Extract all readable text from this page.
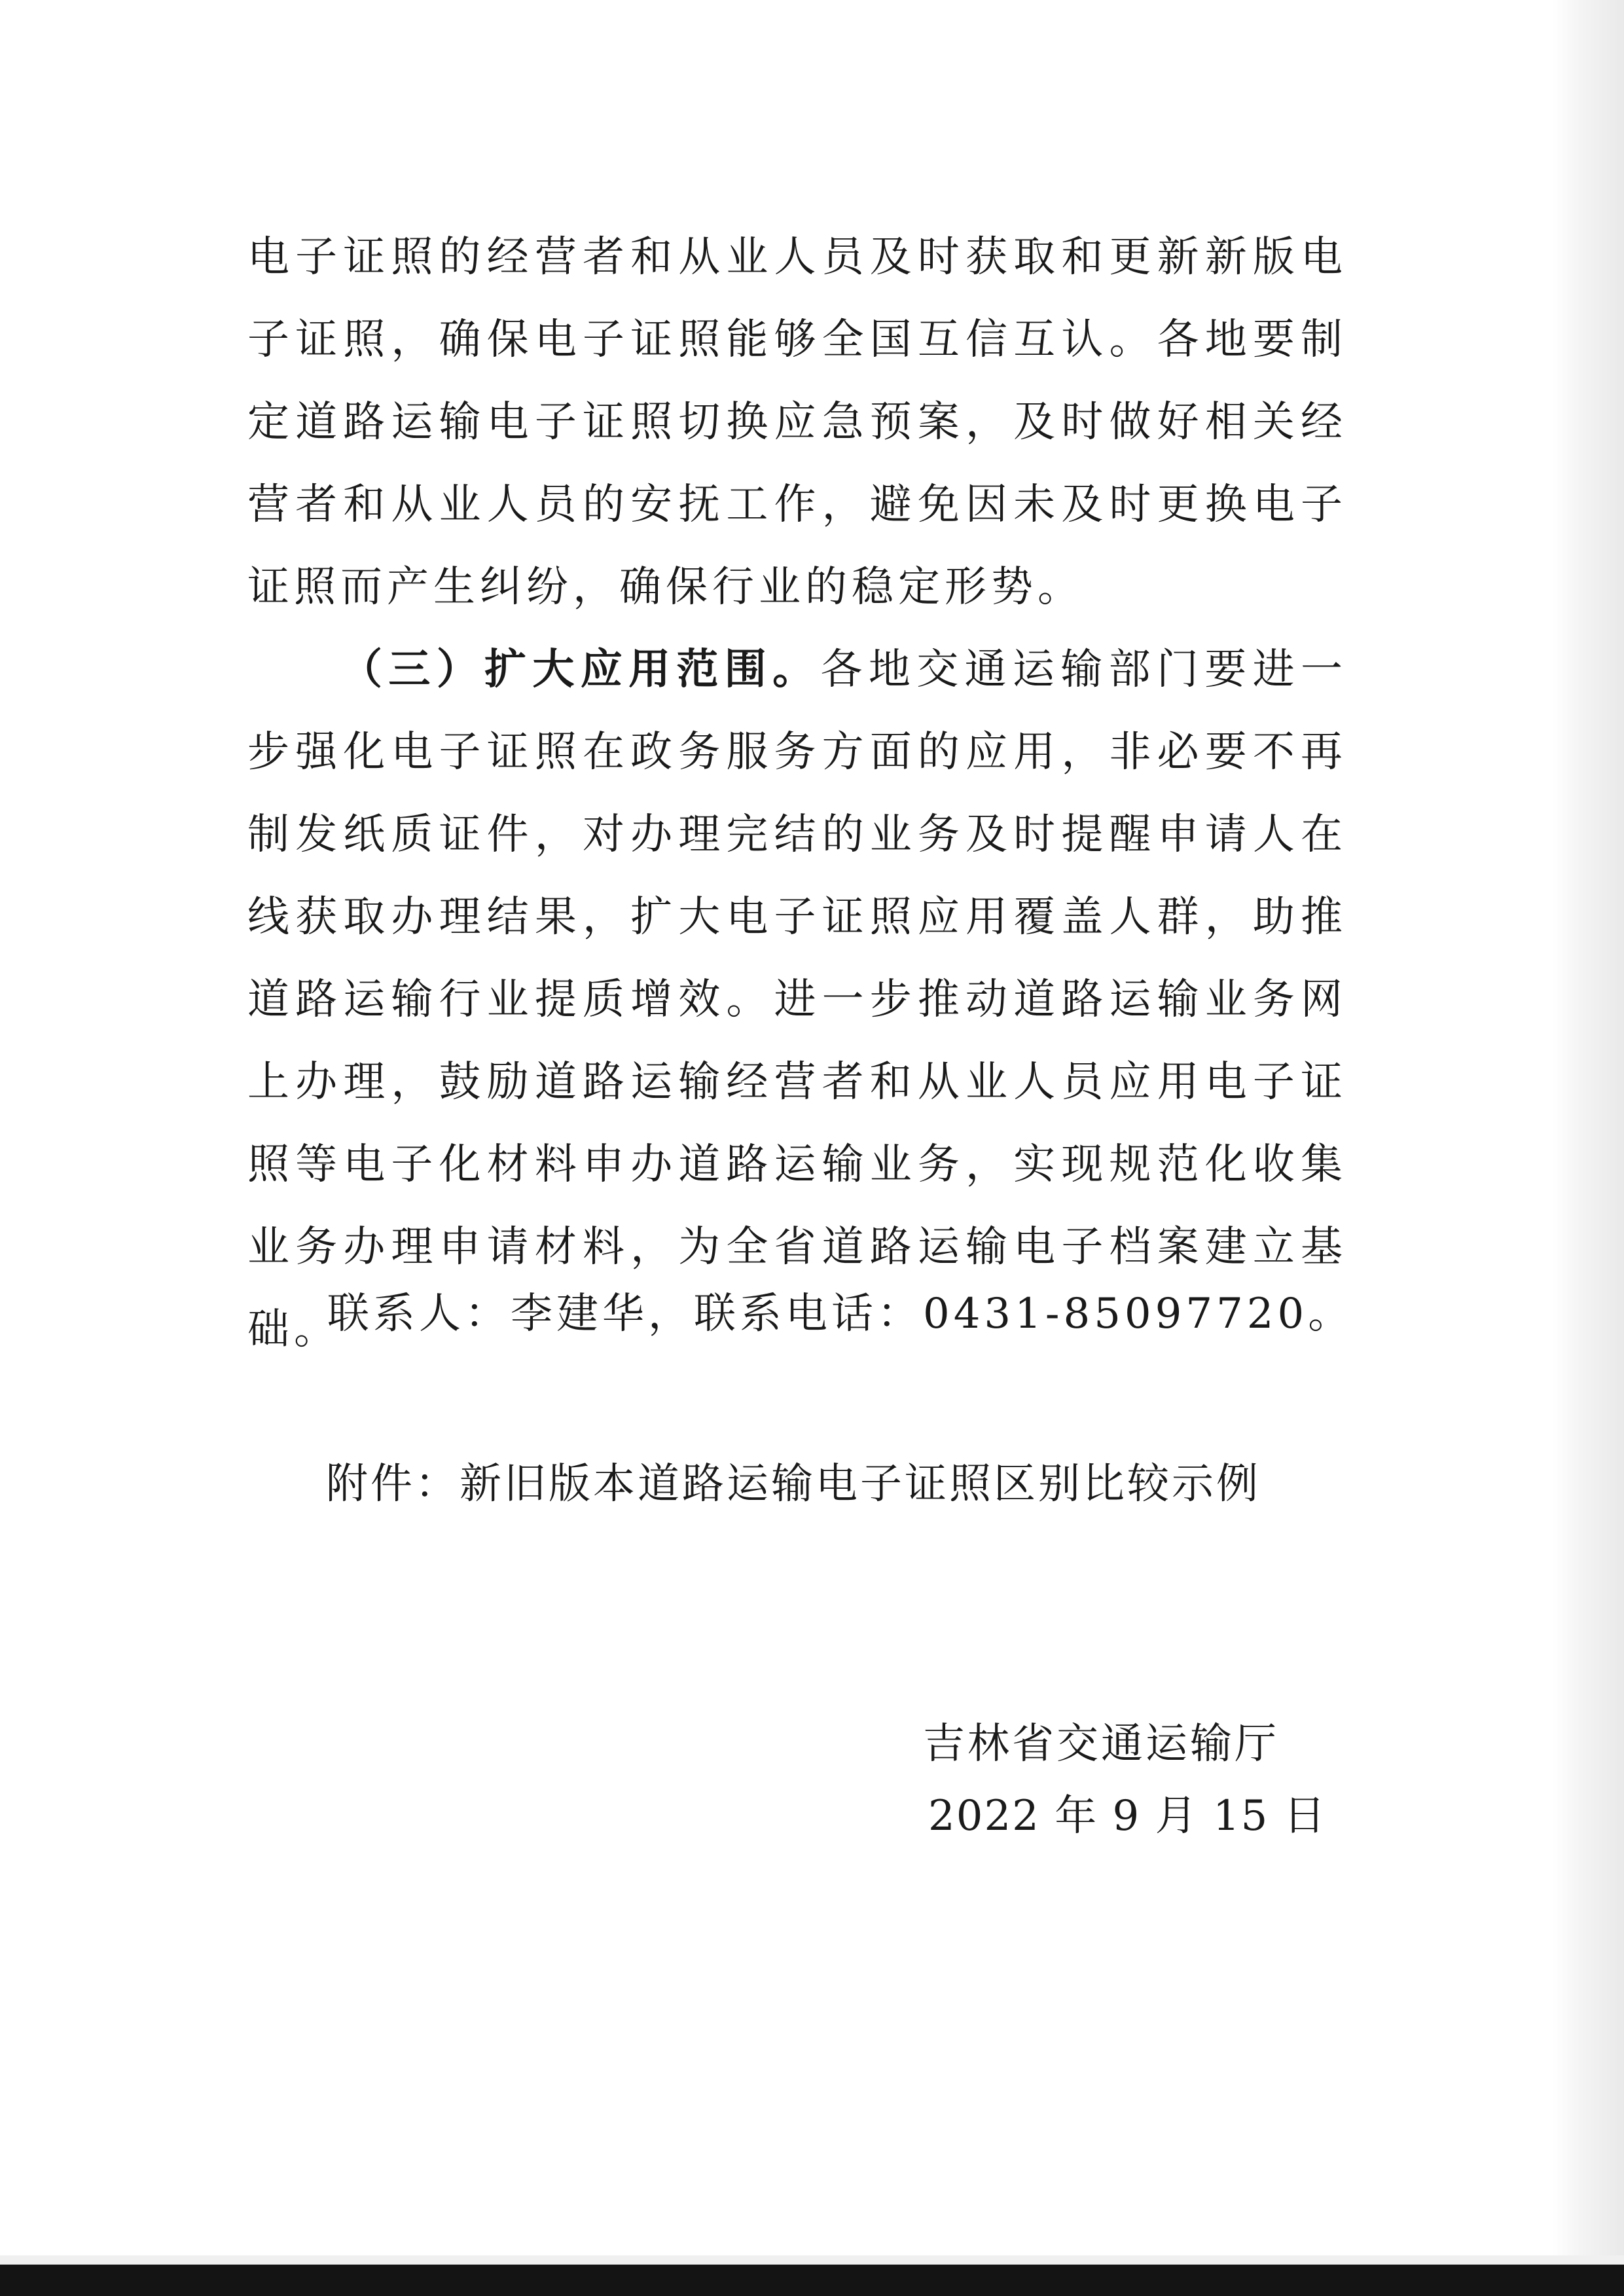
电子证照的经营者和从业人员及时获取和更新新版电子证照，确保电子证照能够全国互信互认。各地要制定道路运输电子证照切换应急预案，及时做好相关经营者和从业人员的安抚工作，避免因未及时更换电子证照而产生纠纷，确保行业的稳定形势。

（三）扩大应用范围。各地交通运输部门要进一步强化电子证照在政务服务方面的应用，非必要不再制发纸质证件，对办理完结的业务及时提醒申请人在线获取办理结果，扩大电子证照应用覆盖人群，助推道路运输行业提质增效。进一步推动道路运输业务网上办理，鼓励道路运输经营者和从业人员应用电子证照等电子化材料申办道路运输业务，实现规范化收集业务办理申请材料，为全省道路运输电子档案建立基础。

联系人：李建华，联系电话：0431-85097720。
附件：新旧版本道路运输电子证照区别比较示例
吉林省交通运输厅
2022 年 9 月 15 日
